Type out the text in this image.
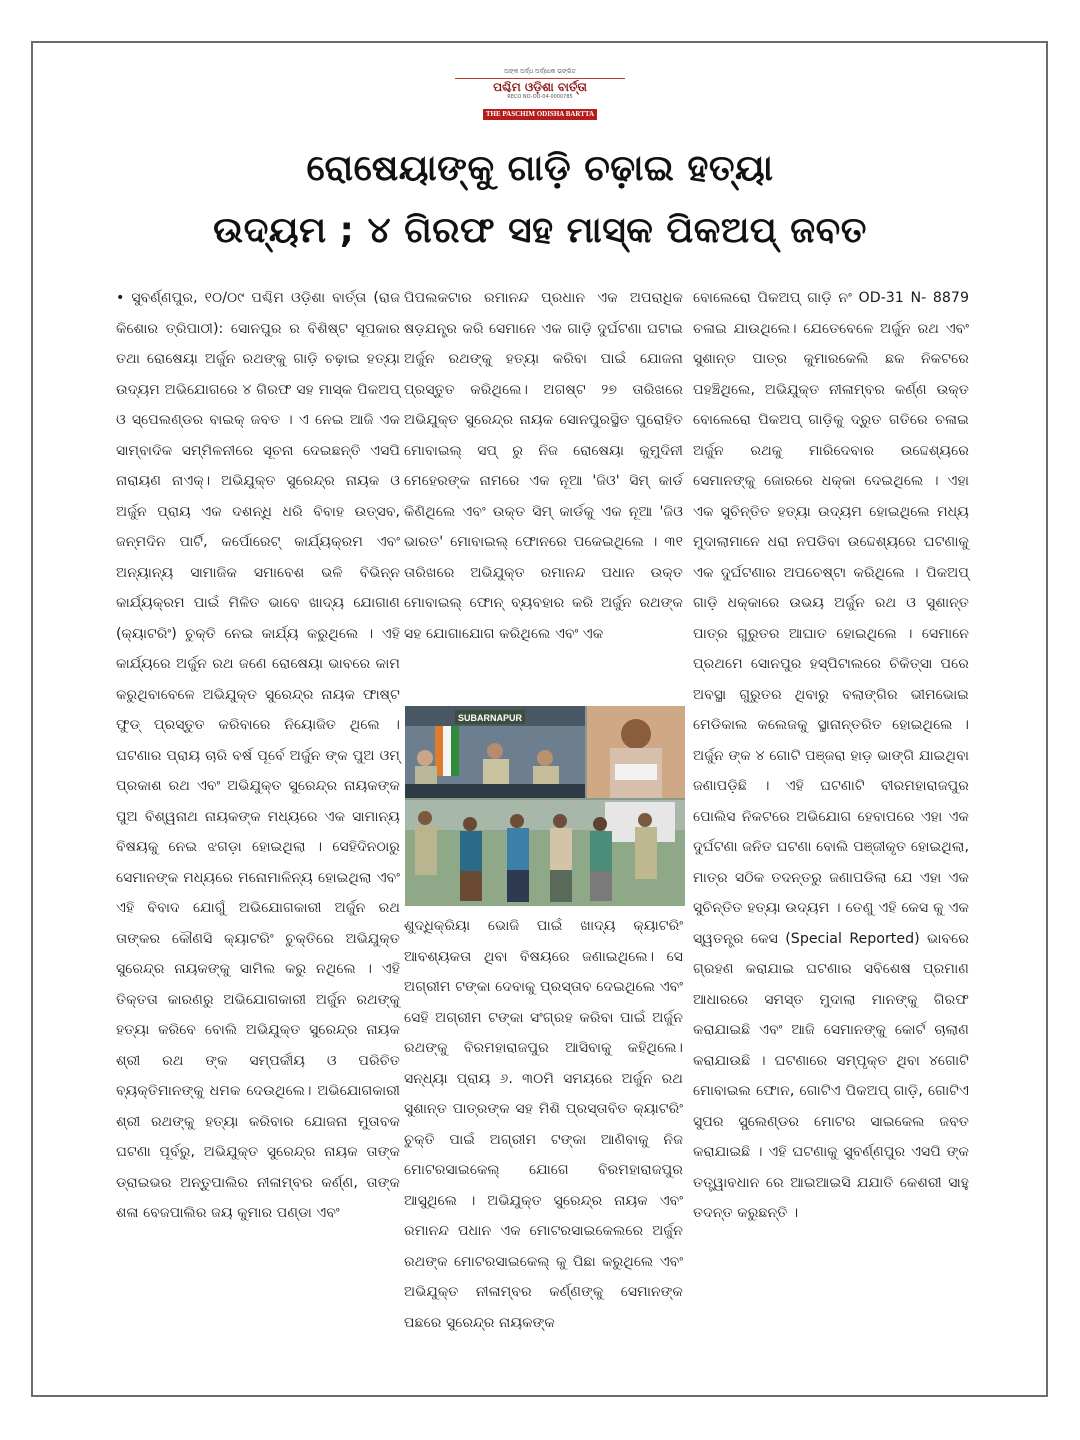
ଅଙ୍କ ଅର୍ଦ୍ଧ ଅର୍ଦ୍ଧେକ ଭଙ୍ଗିତ
ପଶ୍ଚିମ ଓଡ଼ିଶା ବାର୍ତ୍ତା
RECO NO-OD-04-0000785
THE PASCHIM ODISHA BARTTA
ରୋଷେୟାଙ୍କୁ ଗାଡ଼ି ଚଢ଼ାଇ ହତ୍ୟା
ଉଦ୍ୟମ ; ୪ ଗିରଫ ସହ ମାସ୍କ ପିକଅପ୍ ଜବତ

• ସୁବର୍ଣ୍ଣପୁର, ୧୦/୦୯ ପଶ୍ଚିମ ଓଡ଼ିଶା ବାର୍ତ୍ତା (ରାଜ କିଶୋର ତ୍ରିପାଠୀ): ସୋନପୁର ର ବିଶିଷ୍ଟ ସୂପକାର ତଥା ରୋଷେୟା ଅର୍ଜୁନ ରଥଙ୍କୁ ଗାଡ଼ି ଚଢ଼ାଇ ହତ୍ୟା ଉଦ୍ୟମ ଅଭିଯୋଗରେ ୪ ଗିରଫ ସହ ମାସ୍କ ପିକଅପ୍ ଓ ସ୍ପେଲଣ୍ଡର ବାଇକ୍ ଜବତ । ଏ ନେଇ ଆଜି ଏକ ସାମ୍ବାଦିକ ସମ୍ମିଳନୀରେ ସୂଚନା ଦେଇଛନ୍ତି ଏସପି ନାରାୟଣ ନାଏକ୍। ଅଭିଯୁକ୍ତ ସୁରେନ୍ଦ୍ର ନାୟକ ଓ ଅର୍ଜୁନ ପ୍ରାୟ ଏକ ଦଶନ୍ଧି ଧରି ବିବାହ ଉତ୍ସବ, ଜନ୍ମଦିନ ପାର୍ଟି, କର୍ପୋରେଟ୍ କାର୍ଯ୍ୟକ୍ରମ ଏବଂ ଅନ୍ୟାନ୍ୟ ସାମାଜିକ ସମାବେଶ ଭଳି ବିଭିନ୍ନ କାର୍ଯ୍ୟକ୍ରମ ପାଇଁ ମିଳିତ ଭାବେ ଖାଦ୍ୟ ଯୋଗାଣ (କ୍ୟାଟରିଂ) ଚୁକ୍ତି ନେଇ କାର୍ଯ୍ୟ କରୁଥିଲେ । ଏହି କାର୍ଯ୍ୟରେ ଅର୍ଜୁନ ରଥ ଜଣେ ରୋଷେୟା ଭାବରେ କାମ କରୁଥିବାବେଳେ ଅଭିଯୁକ୍ତ ସୁରେନ୍ଦ୍ର ନାୟକ ଫାଷ୍ଟ ଫୁଡ୍ ପ୍ରସ୍ତୁତ କରିବାରେ ନିୟୋଜିତ ଥିଲେ । ଘଟଣାର ପ୍ରାୟ ଚାରି ବର୍ଷ ପୂର୍ବେ ଅର୍ଜୁନ ଙ୍କ ପୁଅ ଓମ୍ ପ୍ରକାଶ ରଥ ଏବଂ ଅଭିଯୁକ୍ତ ସୁରେନ୍ଦ୍ର ନାୟକଙ୍କ ପୁଅ ବିଶ୍ୱନାଥ ନାୟକଙ୍କ ମଧ୍ୟରେ ଏକ ସାମାନ୍ୟ ବିଷୟକୁ ନେଇ ଝଗଡ଼ା ହୋଇଥିଲା । ସେହିଦିନଠାରୁ ସେମାନଙ୍କ ମଧ୍ୟରେ ମନୋମାଳିନ୍ୟ ହୋଇଥିଲା ଏବଂ ଏହି ବିବାଦ ଯୋଗୁଁ ଅଭିଯୋଗକାରୀ ଅର୍ଜୁନ ରଥ ତାଙ୍କର କୌଣସି କ୍ୟାଟରିଂ ଚୁକ୍ତିରେ ଅଭିଯୁକ୍ତ ସୁରେନ୍ଦ୍ର ନାୟକଙ୍କୁ ସାମିଲ କରୁ ନଥିଲେ । ଏହି ତିକ୍ତତା କାରଣରୁ ଅଭିଯୋଗକାରୀ ଅର୍ଜୁନ ରଥଙ୍କୁ ହତ୍ୟା କରିବେ ବୋଲି ଅଭିଯୁକ୍ତ ସୁରେନ୍ଦ୍ର ନାୟକ ଶ୍ରୀ ରଥ ଙ୍କ ସମ୍ପର୍କୀୟ ଓ ପରିଚିତ ବ୍ୟକ୍ତିମାନଙ୍କୁ ଧମକ ଦେଉଥିଲେ। ଅଭିଯୋଗକାରୀ ଶ୍ରୀ ରଥଙ୍କୁ ହତ୍ୟା କରିବାର ଯୋଜନା ମୁତାବକ ଘଟଣା ପୂର୍ବରୁ, ଅଭିଯୁକ୍ତ ସୁରେନ୍ଦ୍ର ନାୟକ ତାଙ୍କ ଡ୍ରାଇଭର ଅନ୍ତୁପାଲିର ନୀଳାମ୍ବର କର୍ଣ୍ଣ, ତାଙ୍କ ଶଳା ବେଜପାଲିର ଜୟ କୁମାର ପଣ୍ଡା ଏବଂ

ପିପଲକଟାର ରମାନନ୍ଦ ପ୍ରଧାନ ଏକ ଅପରାଧିକ ଷଡ଼ଯନ୍ତ୍ର କରି ସେମାନେ ଏକ ଗାଡ଼ି ଦୁର୍ଘଟଣା ଘଟାଇ ଅର୍ଜୁନ ରଥଙ୍କୁ ହତ୍ୟା କରିବା ପାଇଁ ଯୋଜନା ପ୍ରସ୍ତୁତ କରିଥିଲେ। ଅଗଷ୍ଟ ୨୭ ତାରିଖରେ ଅଭିଯୁକ୍ତ ସୁରେନ୍ଦ୍ର ନାୟକ ସୋନପୁରସ୍ଥିତ ପୁରୋହିତ ମୋବାଇଲ୍ ସପ୍ ରୁ ନିଜ ରୋଷେୟା କୁମୁଦିନୀ ମେହେରଙ୍କ ନାମରେ ଏକ ନୂଆ 'ଜିଓ' ସିମ୍ କାର୍ଡ କିଣିଥିଲେ ଏବଂ ଉକ୍ତ ସିମ୍ କାର୍ଡକୁ ଏକ ନୂଆ 'ଜିଓ ଭାରତ' ମୋବାଇଲ୍ ଫୋନରେ ପକେଇଥିଲେ । ୩୧ ତାରିଖରେ ଅଭିଯୁକ୍ତ ରମାନନ୍ଦ ପଧାନ ଉକ୍ତ ମୋବାଇଲ୍ ଫୋନ୍ ବ୍ୟବହାର କରି ଅର୍ଜୁନ ରଥଙ୍କ ସହ ଯୋଗାଯୋଗ କରିଥିଲେ ଏବଂ ଏକ

SUBARNAPUR

ଶୁଦ୍ଧିକ୍ରିୟା ଭୋଜି ପାଇଁ ଖାଦ୍ୟ କ୍ୟାଟରିଂ ଆବଶ୍ୟକତା ଥିବା ବିଷୟରେ ଜଣାଇଥିଲେ। ସେ ଅଗ୍ରୀମ ଟଙ୍କା ଦେବାକୁ ପ୍ରସ୍ତାବ ଦେଇଥିଲେ ଏବଂ ସେହି ଅଗ୍ରୀମ ଟଙ୍କା ସଂଗ୍ରହ କରିବା ପାଇଁ ଅର୍ଜୁନ ରଥଙ୍କୁ ବିରମହାରାଜପୁର ଆସିବାକୁ କହିଥିଲେ। ସନ୍ଧ୍ୟା ପ୍ରାୟ ୬. ୩୦ମି ସମୟରେ ଅର୍ଜୁନ ରଥ ସୁଶାନ୍ତ ପାତ୍ରଙ୍କ ସହ ମିଶି ପ୍ରସ୍ତାବିତ କ୍ୟାଟରିଂ ଚୁକ୍ତି ପାଇଁ ଅଗ୍ରୀମ ଟଙ୍କା ଆଣିବାକୁ ନିଜ ମୋଟରସାଇକେଲ୍ ଯୋଗେ ବିରମହାରାଜପୁର ଆସୁଥିଲେ । ଅଭିଯୁକ୍ତ ସୁରେନ୍ଦ୍ର ନାୟକ ଏବଂ ରମାନନ୍ଦ ପଧାନ ଏକ ମୋଟରସାଇକେଲରେ ଅର୍ଜୁନ ରଥଙ୍କ ମୋଟରସାଇକେଲ୍ କୁ ପିଛା କରୁଥିଲେ ଏବଂ ଅଭିଯୁକ୍ତ ନୀଳାମ୍ବର କର୍ଣ୍ଣଙ୍କୁ ସେମାନଙ୍କ ପଛରେ ସୁରେନ୍ଦ୍ର ନାୟକଙ୍କ

ବୋଲେରୋ ପିକଅପ୍ ଗାଡ଼ି ନଂ OD-31 N- 8879 ଚଳାଇ ଯାଉଥିଲେ। ଯେତେବେଳେ ଅର୍ଜୁନ ରଥ ଏବଂ ସୁଶାନ୍ତ ପାତ୍ର କୁମାରକେଲି ଛକ ନିକଟରେ ପହଞ୍ଚିଥିଲେ, ଅଭିଯୁକ୍ତ ନୀଳାମ୍ବର କର୍ଣ୍ଣ ଉକ୍ତ ବୋଲେରୋ ପିକଅପ୍ ଗାଡ଼ିକୁ ଦ୍ରୁତ ଗତିରେ ଚଳାଇ ଅର୍ଜୁନ ରଥକୁ ମାରିଦେବାର ଉଦ୍ଦେଶ୍ୟରେ ସେମାନଙ୍କୁ ଜୋରରେ ଧକ୍କା ଦେଇଥିଲେ । ଏହା ଏକ ସୁଚିନ୍ତିତ ହତ୍ୟା ଉଦ୍ୟମ ହୋଇଥିଲେ ମଧ୍ୟ ମୁଦାଲାମାନେ ଧରା ନପଡିବା ଉଦ୍ଦେଶ୍ୟରେ ଘଟଣାକୁ ଏକ ଦୁର୍ଘଟଣାର ଅପଚେଷ୍ଟା କରିଥିଲେ । ପିକଅପ୍ ଗାଡ଼ି ଧକ୍କାରେ ଉଭୟ ଅର୍ଜୁନ ରଥ ଓ ସୁଶାନ୍ତ ପାତ୍ର ଗୁରୁତର ଆଘାତ ହୋଇଥିଲେ । ସେମାନେ ପ୍ରଥମେ ସୋନପୁର ହସ୍ପିଟାଲରେ ଚିକିତ୍ସା ପରେ ଅବସ୍ଥା ଗୁରୁତର ଥିବାରୁ ବଲାଙ୍ଗିର ଭୀମଭୋଇ ମେଡିକାଲ କଲେଜକୁ ସ୍ଥାନାନ୍ତରିତ ହୋଇଥିଲେ । ଅର୍ଜୁନ ଙ୍କ ୪ ଗୋଟି ପଞ୍ଜରା ହାଡ଼ ଭାଙ୍ଗି ଯାଇଥିବା ଜଣାପଡ଼ିଛି । ଏହି ଘଟଣାଟି ବୀରମହାରାଜପୁର ପୋଲିସ ନିକଟରେ ଅଭିଯୋଗ ହେବାପରେ ଏହା ଏକ ଦୁର୍ଘଟଣା ଜନିତ ଘଟଣା ବୋଲି ପଞ୍ଜୀକୃତ ହୋଇଥିଲା, ମାତ୍ର ସଠିକ ତଦନ୍ତରୁ ଜଣାପଡିଲା ଯେ ଏହା ଏକ ସୁଚିନ୍ତିତ ହତ୍ୟା ଉଦ୍ୟମ । ତେଣୁ ଏହି କେସ କୁ ଏକ ସ୍ୱତନ୍ତ୍ର କେସ (Special Reported) ଭାବରେ ଗ୍ରହଣ କରାଯାଇ ଘଟଣାର ସବିଶେଷ ପ୍ରମାଣ ଆଧାରରେ ସମସ୍ତ ମୁଦାଲା ମାନଙ୍କୁ ଗିରଫ କରାଯାଇଛି ଏବଂ ଆଜି ସେମାନଙ୍କୁ କୋର୍ଟ ଚାଲାଣ କରାଯାଉଛି । ଘଟଣାରେ ସମ୍ପୃକ୍ତ ଥିବା ୪ଗୋଟି ମୋବାଇଲ ଫୋନ, ଗୋଟିଏ ପିକଅପ୍ ଗାଡ଼ି, ଗୋଟିଏ ସୁପର ସ୍ପ୍ଲେଣ୍ଡର ମୋଟର ସାଇକେଲ ଜବତ କରାଯାଇଛି । ଏହି ଘଟଣାକୁ ସୁବର୍ଣ୍ଣପୁର ଏସପି ଙ୍କ ତତ୍ତ୍ୱାବଧାନ ରେ ଆଇଆଇସି ଯଯାତି କେଶରୀ ସାହୁ ତଦନ୍ତ କରୁଛନ୍ତି ।
